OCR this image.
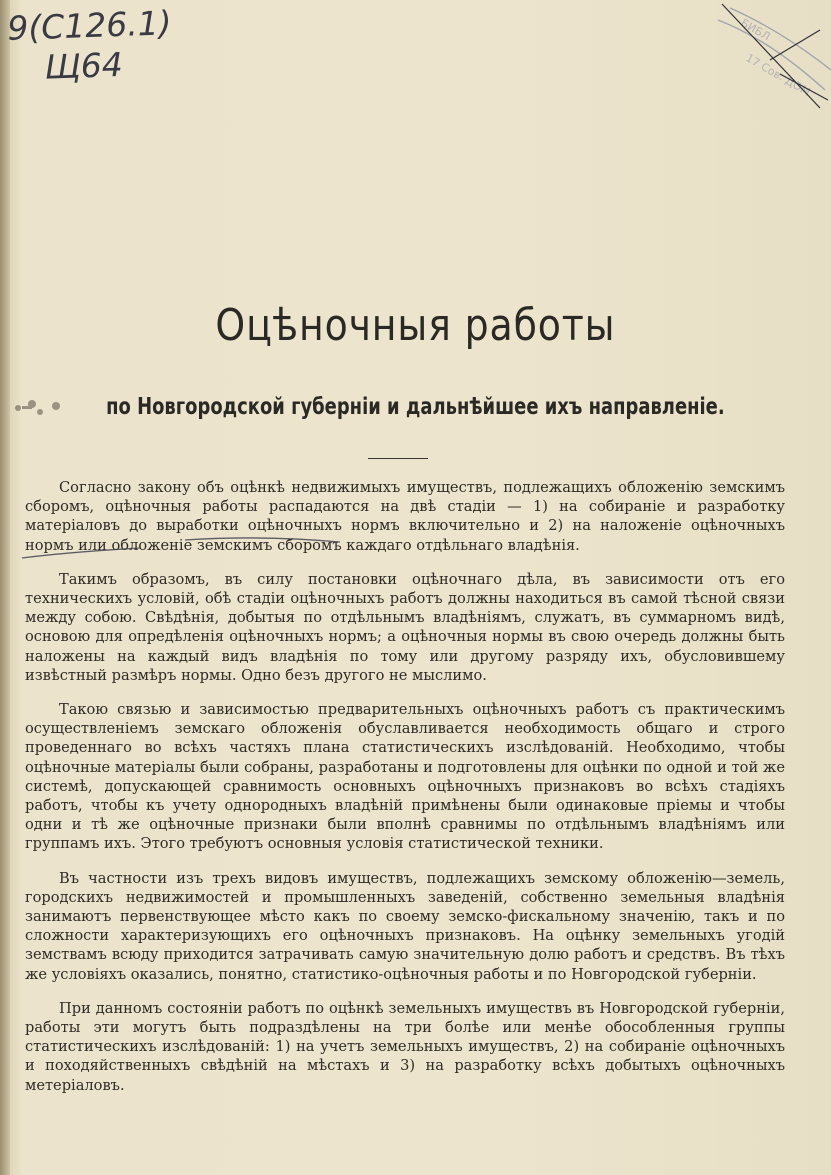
9(С126.1)
Щ64
БИБЛ
17 Сов. ДОМ
Оцѣночныя работы
по Новгородской губерніи и дальнѣйшее ихъ направленіе.

Согласно закону объ оцѣнкѣ недвижимыхъ имуществъ, подлежащихъ обложенію земскимъ сборомъ, оцѣночныя работы распадаются на двѣ стадіи — 1) на собираніе и разработку матеріаловъ до выработки оцѣночныхъ нормъ включительно и 2) на наложеніе оцѣночныхъ нормъ или обложеніе земскимъ сборомъ каждаго отдѣльнаго владѣнія.

Такимъ образомъ, въ силу постановки оцѣночнаго дѣла, въ зависимости отъ его техническихъ условій, обѣ стадіи оцѣночныхъ работъ должны находиться въ самой тѣсной связи между собою. Свѣдѣнія, добытыя по отдѣльнымъ владѣніямъ, служатъ, въ суммарномъ видѣ, основою для опредѣленія оцѣночныхъ нормъ; а оцѣночныя нормы въ свою очередь должны быть наложены на каждый видъ владѣнія по тому или другому разряду ихъ, обусловившему извѣстный размѣръ нормы. Одно безъ другого не мыслимо.

Такою связью и зависимостью предварительныхъ оцѣночныхъ работъ съ практическимъ осуществленіемъ земскаго обложенія обуславливается необходимость общаго и строго проведеннаго во всѣхъ частяхъ плана статистическихъ изслѣдованій. Необходимо, чтобы оцѣночные матеріалы были собраны, разработаны и подготовлены для оцѣнки по одной и той же системѣ, допускающей сравнимость основныхъ оцѣночныхъ признаковъ во всѣхъ стадіяхъ работъ, чтобы къ учету однородныхъ владѣній примѣнены были одинаковые пріемы и чтобы одни и тѣ же оцѣночные признаки были вполнѣ сравнимы по отдѣльнымъ владѣніямъ или группамъ ихъ. Этого требуютъ основныя условія статистической техники.

Въ частности изъ трехъ видовъ имуществъ, подлежащихъ земскому обложенію—земель, городскихъ недвижимостей и промышленныхъ заведеній, собственно земельныя владѣнія занимаютъ первенствующее мѣсто какъ по своему земско-фискальному значенію, такъ и по сложности характеризующихъ его оцѣночныхъ признаковъ. На оцѣнку земельныхъ угодій земствамъ всюду приходится затрачивать самую значительную долю работъ и средствъ. Въ тѣхъ же условіяхъ оказались, понятно, статистико-оцѣночныя работы и по Новгородской губерніи.

При данномъ состояніи работъ по оцѣнкѣ земельныхъ имуществъ въ Новгородской губерніи, работы эти могутъ быть подраздѣлены на три болѣе или менѣе обособленныя группы статистическихъ изслѣдованій: 1) на учетъ земельныхъ имуществъ, 2) на собираніе оцѣночныхъ и походяйственныхъ свѣдѣній на мѣстахъ и 3) на разработку всѣхъ добытыхъ оцѣночныхъ метеріаловъ.
